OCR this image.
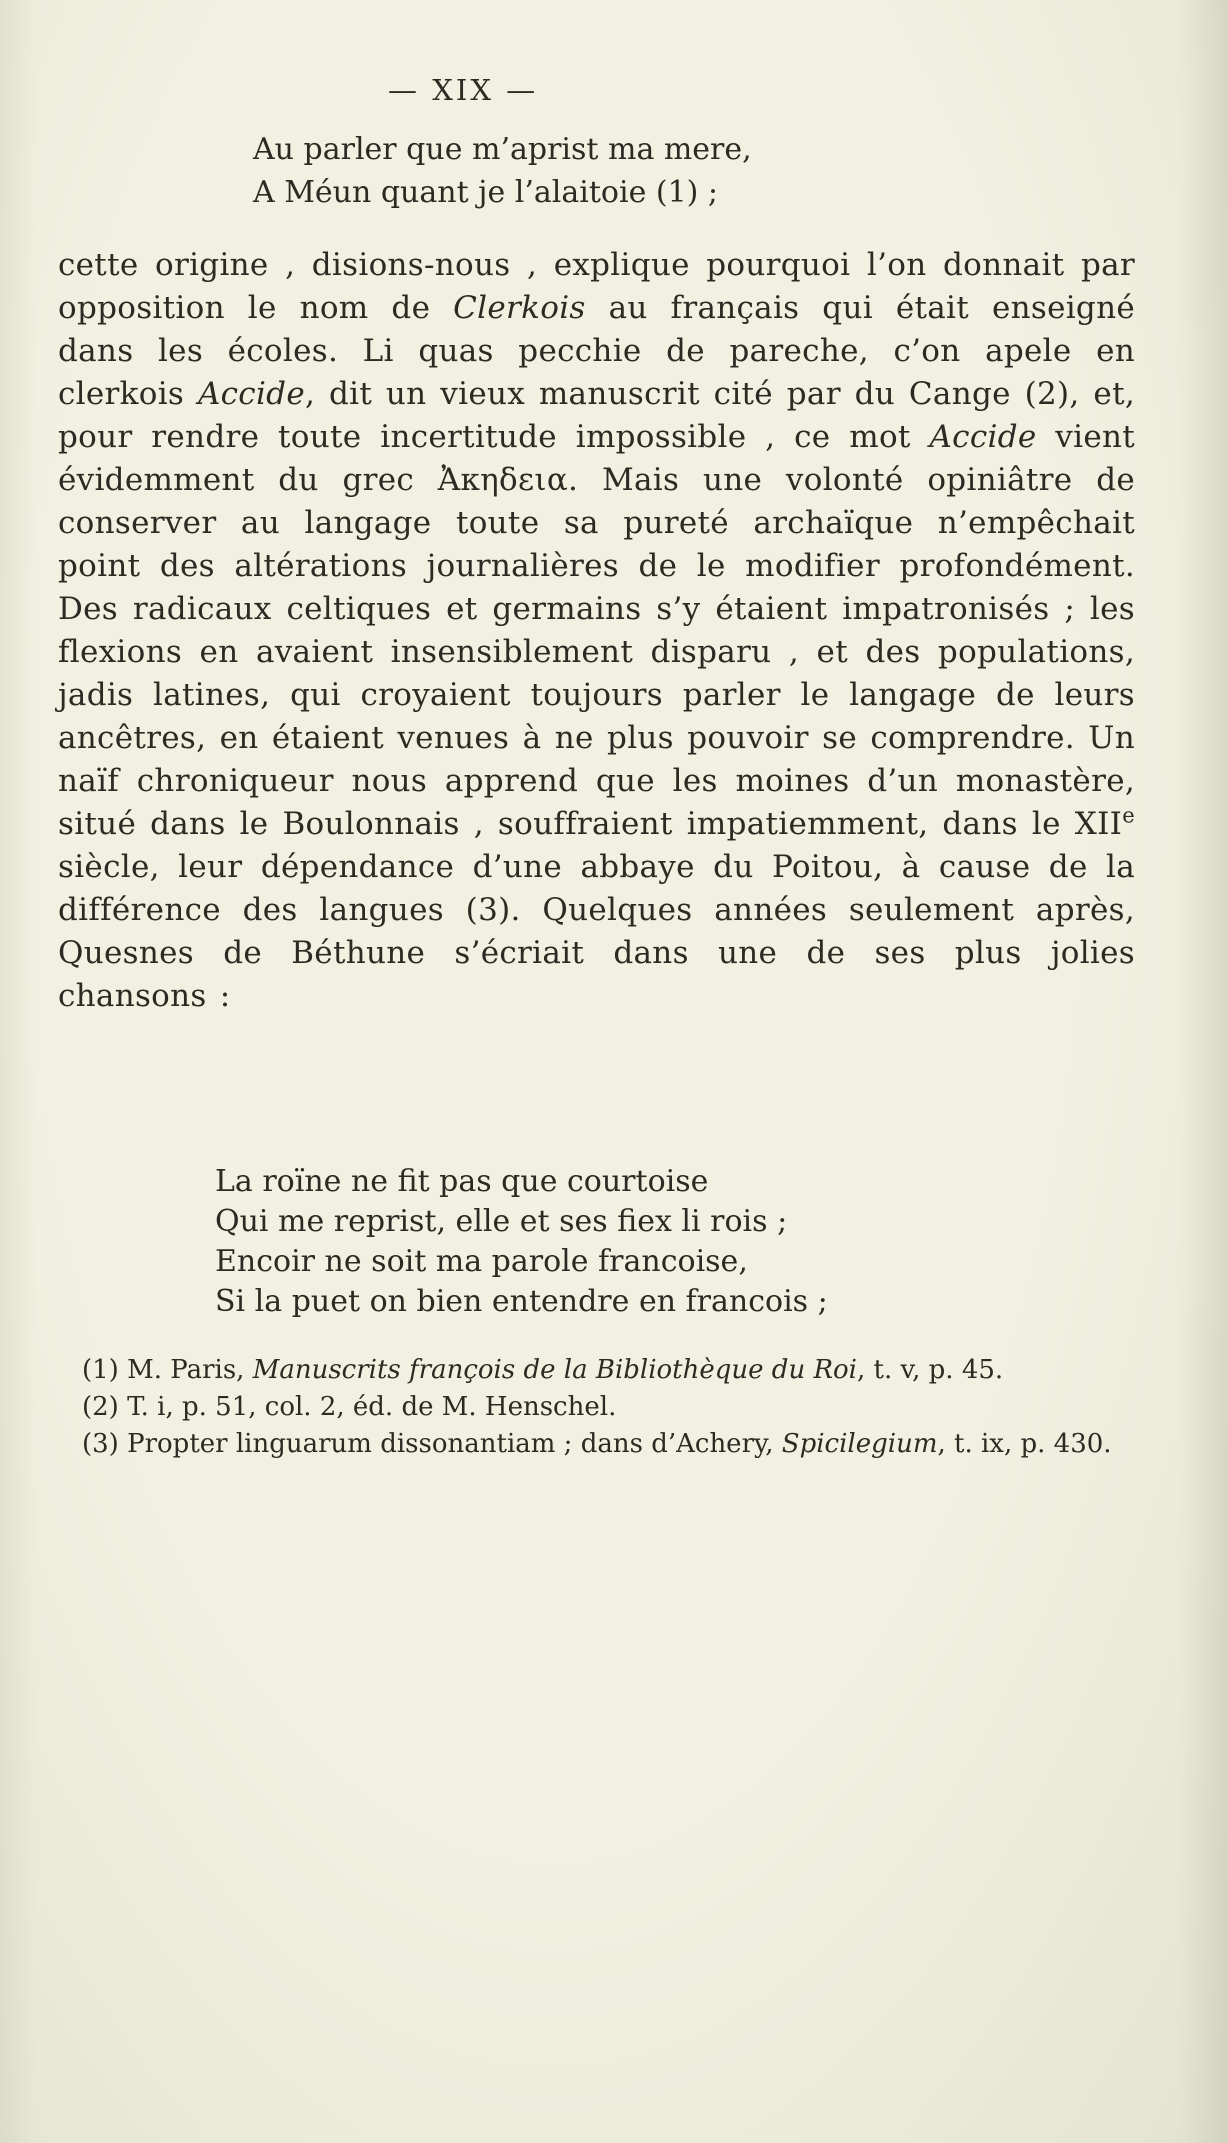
— XIX —
Au parler que m’aprist ma mere,
A Méun quant je l’alaitoie (1) ;

cette origine , disions-nous , explique pourquoi l’on donnait par opposition le nom de Clerkois au français qui était enseigné dans les écoles. Li quas pecchie de pareche, c’on apele en clerkois Accide, dit un vieux manuscrit cité par du Cange (2), et, pour rendre toute incertitude impossible , ce mot Accide vient évidemment du grec Ἀκηδεια. Mais une volonté opiniâtre de conserver au langage toute sa pureté archaïque n’empêchait point des altérations journalières de le modifier profondément. Des radicaux celtiques et germains s’y étaient impatronisés ; les flexions en avaient insensiblement disparu , et des populations, jadis latines, qui croyaient toujours parler le langage de leurs ancêtres, en étaient venues à ne plus pouvoir se comprendre. Un naïf chroniqueur nous apprend que les moines d’un monastère, situé dans le Boulonnais , souffraient impatiemment, dans le XIIe siècle, leur dépendance d’une abbaye du Poitou, à cause de la différence des langues (3). Quelques années seulement après, Quesnes de Béthune s’écriait dans une de ses plus jolies chansons :

La roïne ne fit pas que courtoise
Qui me reprist, elle et ses fiex li rois ;
Encoir ne soit ma parole francoise,
Si la puet on bien entendre en francois ;

(1) M. Paris, Manuscrits françois de la Bibliothèque du Roi, t. v, p. 45.

(2) T. i, p. 51, col. 2, éd. de M. Henschel.

(3) Propter linguarum dissonantiam ; dans d’Achery, Spicilegium, t. ix, p. 430.
